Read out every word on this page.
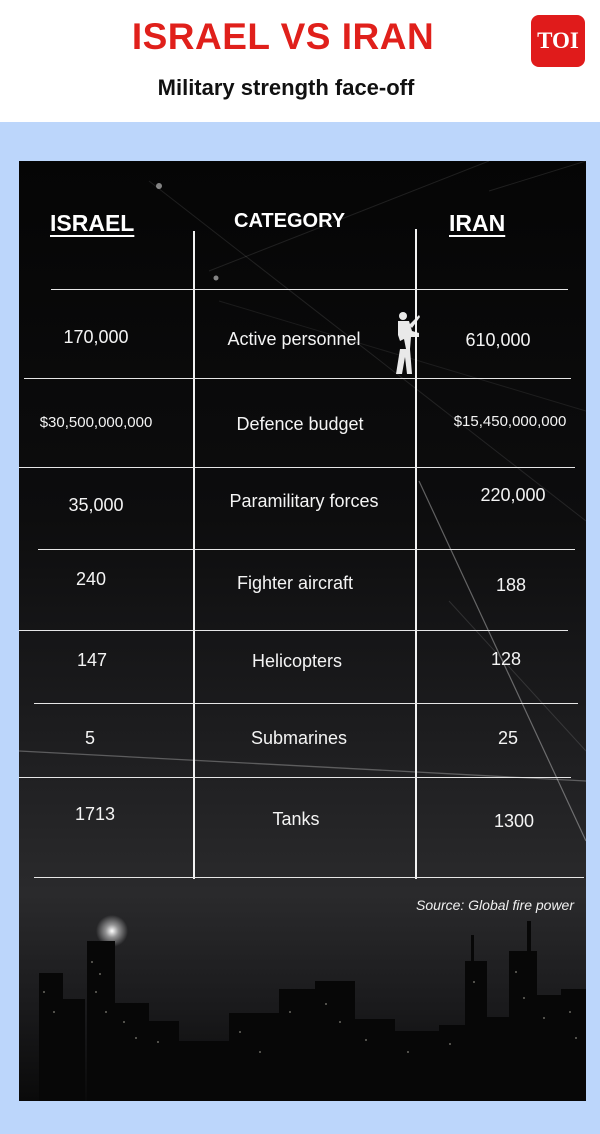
ISRAEL VS IRAN
Military strength face-off
TOI
ISRAEL	CATEGORY	IRAN
170,000	Active personnel	610,000
$30,500,000,000	Defence budget	$15,450,000,000
35,000	Paramilitary forces	220,000
240	Fighter aircraft	188
147	Helicopters	128
5	Submarines	25
1713	Tanks	1300
Source: Global fire power
